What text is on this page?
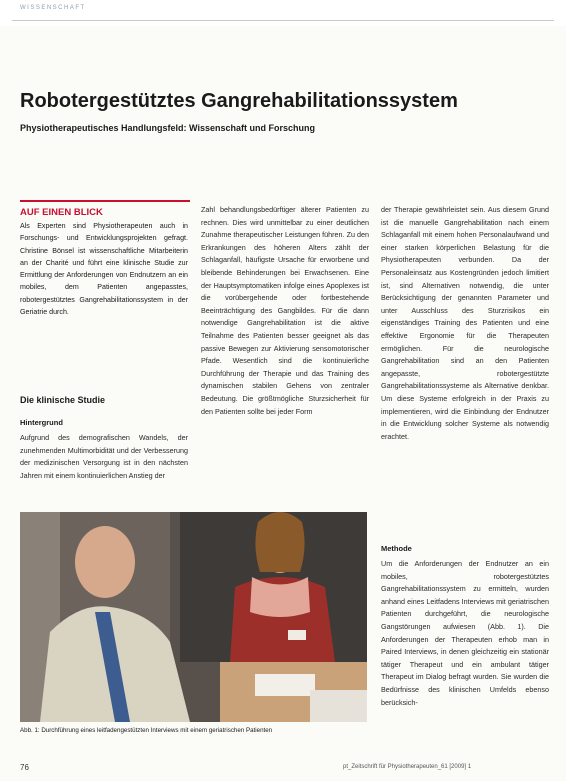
WISSENSCHAFT
Robotergestütztes Gangrehabilitationssystem
Physiotherapeutisches Handlungsfeld: Wissenschaft und Forschung
AUF EINEN BLICK
Als Experten sind Physiotherapeuten auch in Forschungs- und Entwicklungsprojekten gefragt. Christine Bönsel ist wissenschaftliche Mitarbeiterin an der Charité und führt eine klinische Studie zur Ermittlung der Anforderungen von Endnutzern an ein mobiles, dem Patienten angepasstes, robotergestütztes Gangrehabilitationssystem in der Geriatrie durch.
Die klinische Studie
Hintergrund
Aufgrund des demografischen Wandels, der zunehmenden Multimorbidität und der Verbesserung der medizinischen Versorgung ist in den nächsten Jahren mit einem kontinuierlichen Anstieg der
Zahl behandlungsbedürftiger älterer Patienten zu rechnen. Dies wird unmittelbar zu einer deutlichen Zunahme therapeutischer Leistungen führen. Zu den Erkrankungen des höheren Alters zählt der Schlaganfall, häufigste Ursache für erworbene und bleibende Behinderungen bei Erwachsenen. Eine der Hauptsymptomatiken infolge eines Apoplexes ist die vorübergehende oder fortbestehende Beeinträchtigung des Gangbildes. Für die dann notwendige Gangrehabilitation ist die aktive Teilnahme des Patienten besser geeignet als das passive Bewegen zur Aktivierung sensomotorischer Pfade. Wesentlich sind die kontinuierliche Durchführung der Therapie und das Training des dynamischen stabilen Gehens von zentraler Bedeutung. Die größtmögliche Sturzsicherheit für den Patienten sollte bei jeder Form
der Therapie gewährleistet sein. Aus diesem Grund ist die manuelle Gangrehabilitation nach einem Schlaganfall mit einem hohen Personalaufwand und einer starken körperlichen Belastung für die Physiotherapeuten verbunden. Da der Personaleinsatz aus Kostengründen jedoch limitiert ist, sind Alternativen notwendig, die unter Berücksichtigung der genannten Parameter und unter Ausschluss des Sturzrisikos ein eigenständiges Training des Patienten und eine effektive Ergonomie für die Therapeuten ermöglichen. Für die neurologische Gangrehabilitation sind an den Patienten angepasste, robotergestützte Gangrehabilitationssysteme als Alternative denkbar. Um diese Systeme erfolgreich in der Praxis zu implementieren, wird die Einbindung der Endnutzer in die Entwicklung solcher Systeme als notwendig erachtet.
Methode
Um die Anforderungen der Endnutzer an ein mobiles, robotergestütztes Gangrehabilitationssystem zu ermitteln, wurden anhand eines Leitfadens Interviews mit geriatrischen Patienten durchgeführt, die neurologische Gangstörungen aufwiesen (Abb. 1). Die Anforderungen der Therapeuten erhob man in Paired Interviews, in denen gleichzeitig ein stationär tätiger Therapeut und ein ambulant tätiger Therapeut im Dialog befragt wurden. Sie wurden die Bedürfnisse des klinischen Umfelds ebenso berücksich-
Abb. 1: Durchführung eines leitfadengestützten Interviews mit einem geriatrischen Patienten
76	pt_Zeitschrift für Physiotherapeuten_61 [2009] 1
